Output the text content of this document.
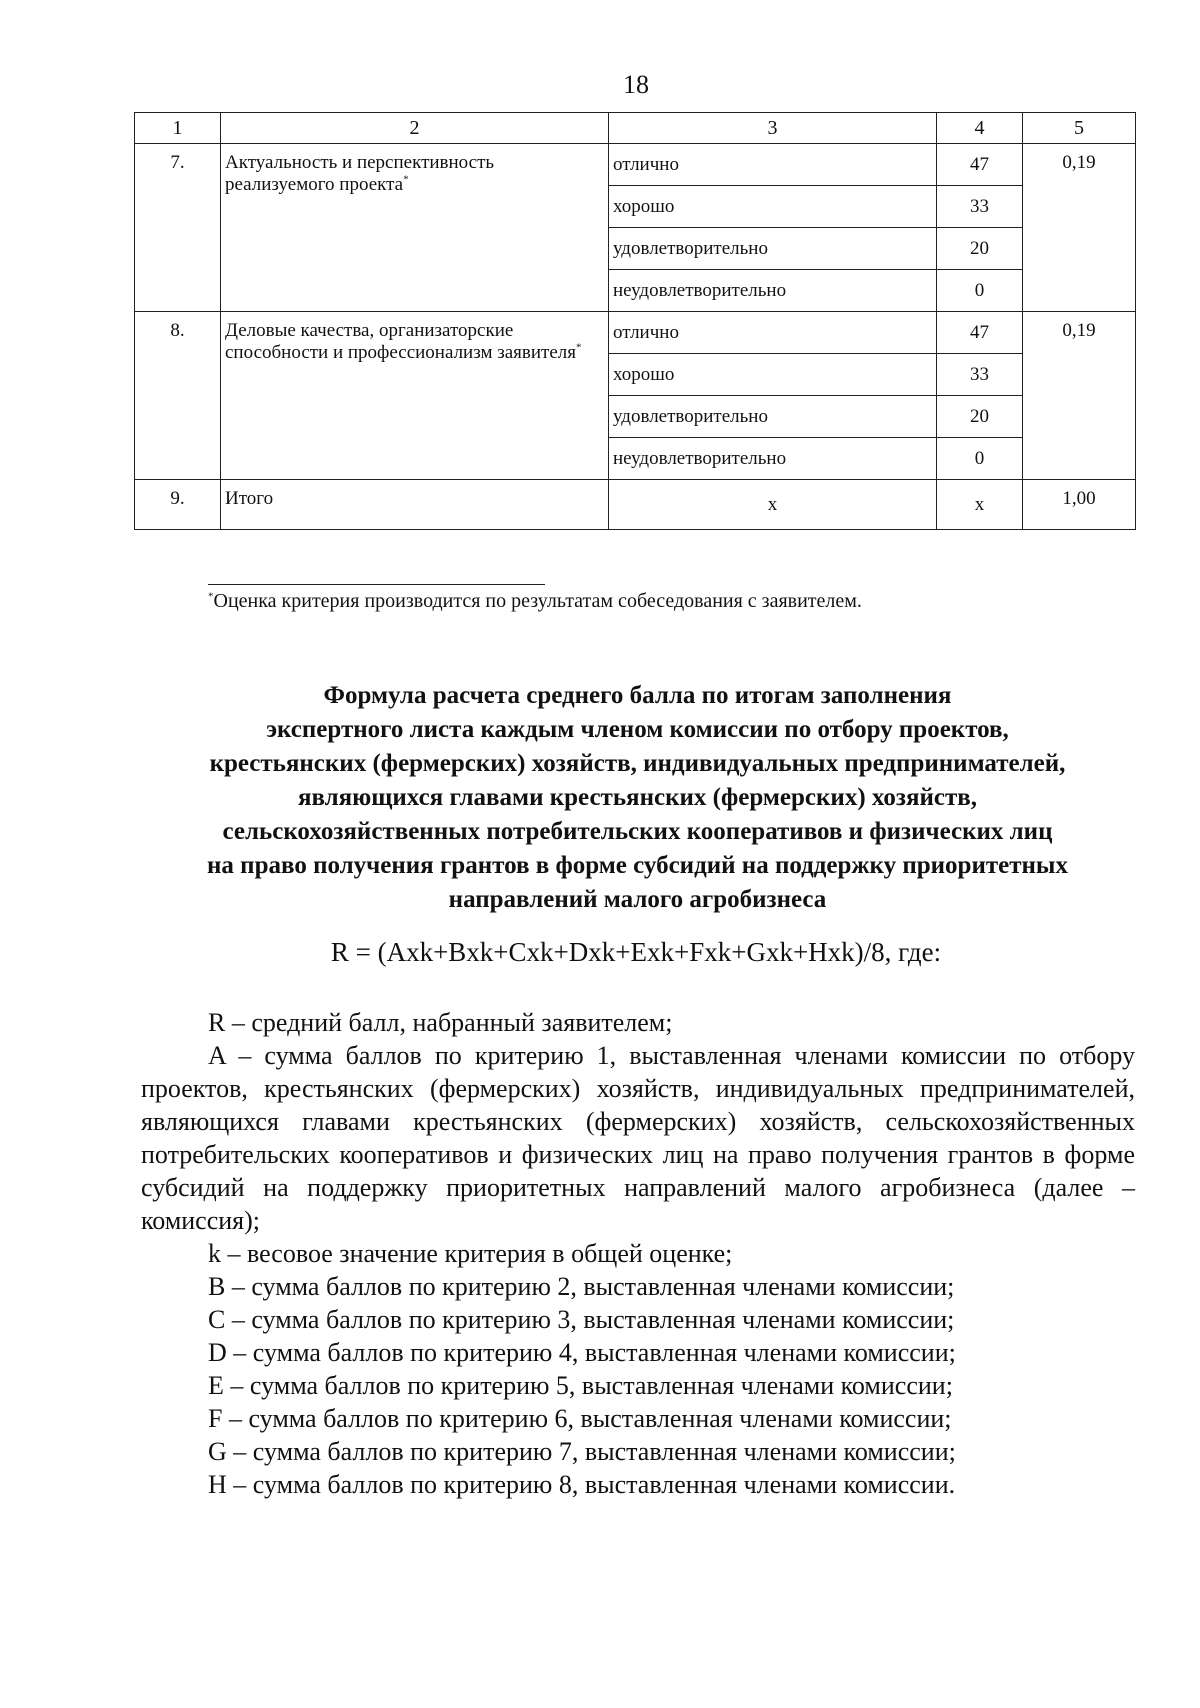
18
1	2	3	4	5
7.	Актуальность и перспективность реализуемого проекта*	отлично	47	0,19
		хорошо	33	
		удовлетворительно	20	
		неудовлетворительно	0	
8.	Деловые качества, организаторские способности и профессионализм заявителя*	отлично	47	0,19
		хорошо	33	
		удовлетворительно	20	
		неудовлетворительно	0	
9.	Итого	х	х	1,00
*Оценка критерия производится по результатам собеседования с заявителем.
Формула расчета среднего балла по итогам заполнения
экспертного листа каждым членом комиссии по отбору проектов,
крестьянских (фермерских) хозяйств, индивидуальных предпринимателей,
являющихся главами крестьянских (фермерских) хозяйств,
сельскохозяйственных потребительских кооперативов и физических лиц
на право получения грантов в форме субсидий на поддержку приоритетных
направлений малого агробизнеса
R = (Axk+Bxk+Cxk+Dxk+Exk+Fxk+Gxk+Hxk)/8, где:

R – средний балл, набранный заявителем;

A – сумма баллов по критерию 1, выставленная членами комиссии по отбору проектов, крестьянских (фермерских) хозяйств, индивидуальных предпринимателей, являющихся главами крестьянских (фермерских) хозяйств, сельскохозяйственных потребительских кооперативов и физических лиц на право получения грантов в форме субсидий на поддержку приоритетных направлений малого агробизнеса (далее – комиссия);

k – весовое значение критерия в общей оценке;

B – сумма баллов по критерию 2, выставленная членами комиссии;

C – сумма баллов по критерию 3, выставленная членами комиссии;

D – сумма баллов по критерию 4, выставленная членами комиссии;

E – сумма баллов по критерию 5, выставленная членами комиссии;

F – сумма баллов по критерию 6, выставленная членами комиссии;

G – сумма баллов по критерию 7, выставленная членами комиссии;

H – сумма баллов по критерию 8, выставленная членами комиссии.
